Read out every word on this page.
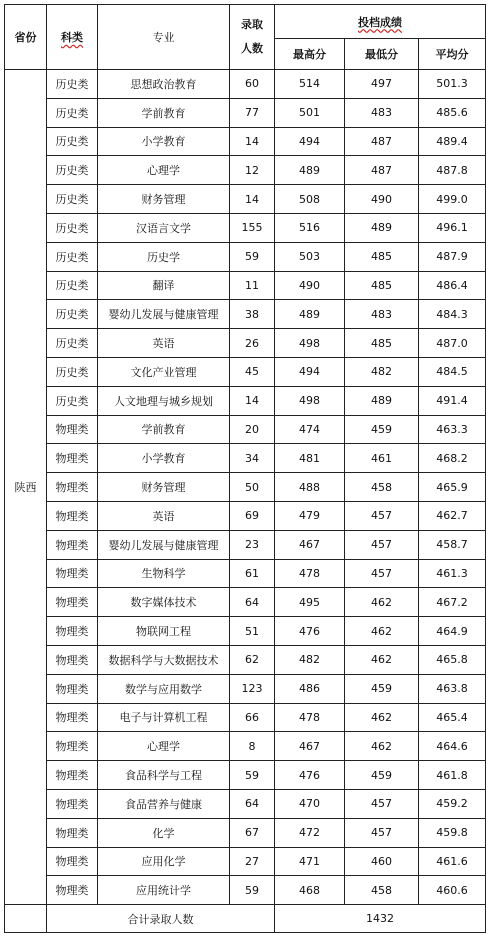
省份	科类	专业	录取
人数	投档成绩		
				最高分	最低分	平均分
陕西	历史类	思想政治教育	60	514	497	501.3
	历史类	学前教育	77	501	483	485.6
	历史类	小学教育	14	494	487	489.4
	历史类	心理学	12	489	487	487.8
	历史类	财务管理	14	508	490	499.0
	历史类	汉语言文学	155	516	489	496.1
	历史类	历史学	59	503	485	487.9
	历史类	翻译	11	490	485	486.4
	历史类	婴幼儿发展与健康管理	38	489	483	484.3
	历史类	英语	26	498	485	487.0
	历史类	文化产业管理	45	494	482	484.5
	历史类	人文地理与城乡规划	14	498	489	491.4
	物理类	学前教育	20	474	459	463.3
	物理类	小学教育	34	481	461	468.2
	物理类	财务管理	50	488	458	465.9
	物理类	英语	69	479	457	462.7
	物理类	婴幼儿发展与健康管理	23	467	457	458.7
	物理类	生物科学	61	478	457	461.3
	物理类	数字媒体技术	64	495	462	467.2
	物理类	物联网工程	51	476	462	464.9
	物理类	数据科学与大数据技术	62	482	462	465.8
	物理类	数学与应用数学	123	486	459	463.8
	物理类	电子与计算机工程	66	478	462	465.4
	物理类	心理学	8	467	462	464.6
	物理类	食品科学与工程	59	476	459	461.8
	物理类	食品营养与健康	64	470	457	459.2
	物理类	化学	67	472	457	459.8
	物理类	应用化学	27	471	460	461.6
	物理类	应用统计学	59	468	458	460.6
	合计录取人数			1432		
